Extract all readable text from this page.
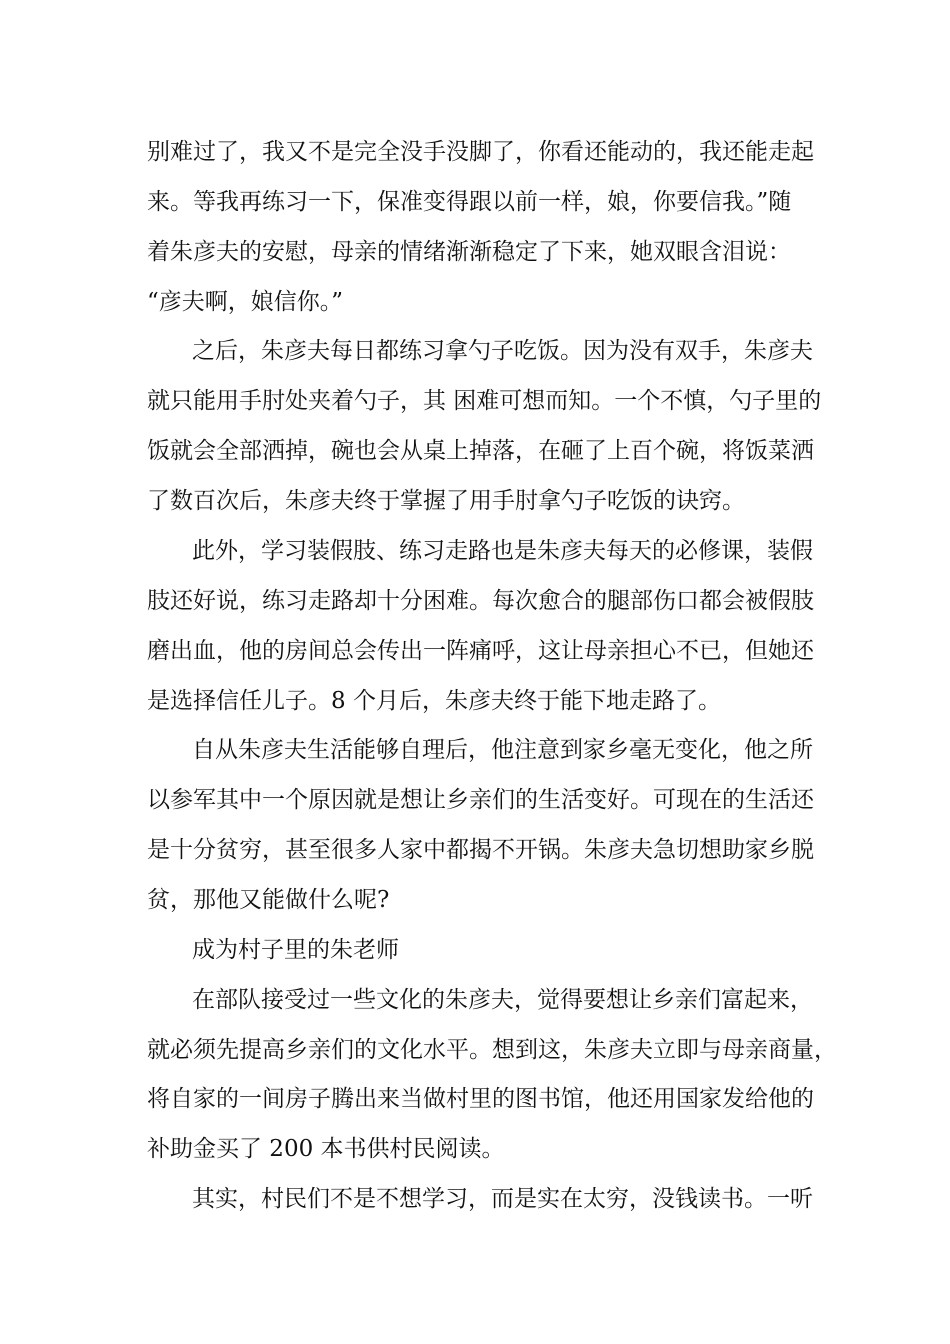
别难过了，我又不是完全没手没脚了，你看还能动的，我还能走起
来。等我再练习一下，保准变得跟以前一样，娘，你要信我。”随
着朱彦夫的安慰，母亲的情绪渐渐稳定了下来，她双眼含泪说：
“彦夫啊，娘信你。”
之后，朱彦夫每日都练习拿勺子吃饭。因为没有双手，朱彦夫
就只能用手肘处夹着勺子，其 困难可想而知。一个不慎，勺子里的
饭就会全部洒掉，碗也会从桌上掉落，在砸了上百个碗，将饭菜洒
了数百次后，朱彦夫终于掌握了用手肘拿勺子吃饭的诀窍。
此外，学习装假肢、练习走路也是朱彦夫每天的必修课，装假
肢还好说，练习走路却十分困难。每次愈合的腿部伤口都会被假肢
磨出血，他的房间总会传出一阵痛呼，这让母亲担心不已，但她还
是选择信任儿子。8 个月后，朱彦夫终于能下地走路了。
自从朱彦夫生活能够自理后，他注意到家乡毫无变化，他之所
以参军其中一个原因就是想让乡亲们的生活变好。可现在的生活还
是十分贫穷，甚至很多人家中都揭不开锅。朱彦夫急切想助家乡脱
贫，那他又能做什么呢?
成为村子里的朱老师
在部队接受过一些文化的朱彦夫，觉得要想让乡亲们富起来，
就必须先提高乡亲们的文化水平。想到这，朱彦夫立即与母亲商量，
将自家的一间房子腾出来当做村里的图书馆，他还用国家发给他的
补助金买了 200 本书供村民阅读。
其实，村民们不是不想学习，而是实在太穷，没钱读书。一听
